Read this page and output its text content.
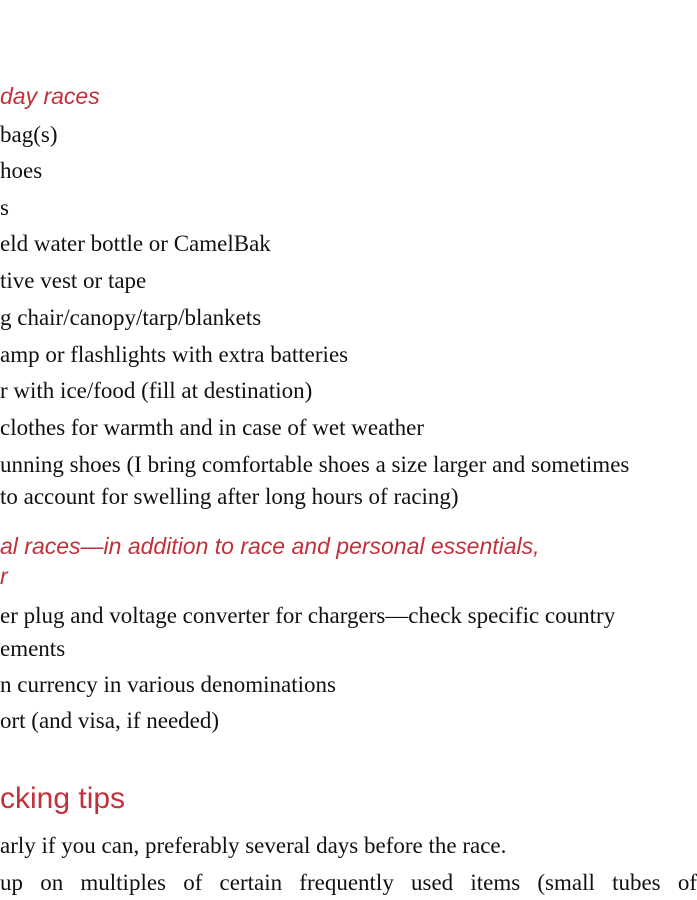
day races
bag(s)
hoes
s
eld water bottle or CamelBak
tive vest or tape
g chair/canopy/tarp/blankets
amp or flashlights with extra batteries
r with ice/food (fill at destination)
clothes for warmth and in case of wet weather
unning shoes (I bring comfortable shoes a size larger and sometimes
to account for swelling after long hours of racing)
al races—in addition to race and personal essentials,
r
er plug and voltage converter for chargers—check specific country
ements
n currency in various denominations
ort (and visa, if needed)
cking tips
arly if you can, preferably several days before the race.
up on multiples of certain frequently used items (small tubes of
